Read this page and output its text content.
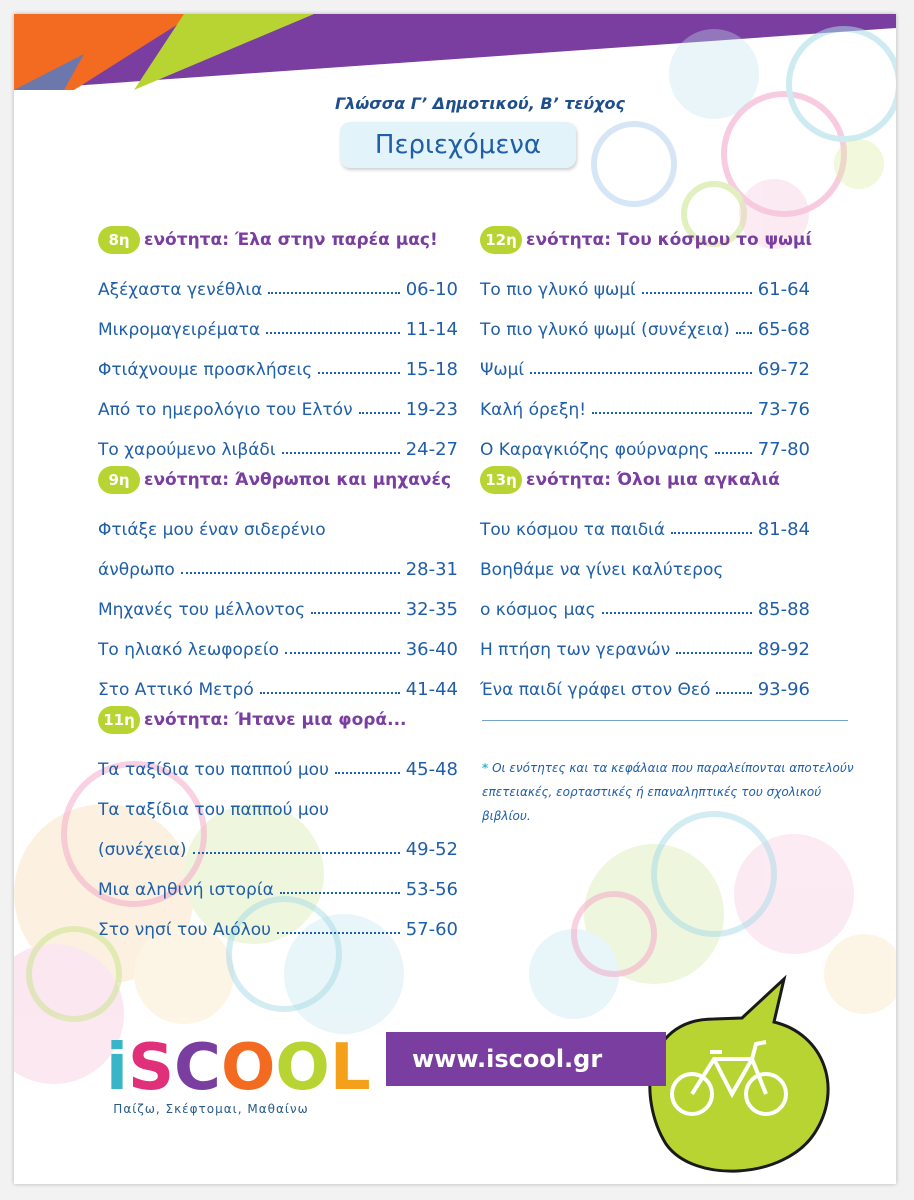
iSCOOL
Γλώσσα Γ’ Δημοτικού, Β’ τεύχος
Περιεχόμενα
8η ενότητα: Έλα στην παρέα μας!
Αξέχαστα γενέθλια	06-10
Μικρομαγειρέματα	11-14
Φτιάχνουμε προσκλήσεις	15-18
Από το ημερολόγιο του Ελτόν	19-23
Το χαρούμενο λιβάδι	24-27
9η ενότητα: Άνθρωποι και μηχανές
Φτιάξε μου έναν σιδερένιο
άνθρωπο	28-31
Μηχανές του μέλλοντος	32-35
Το ηλιακό λεωφορείο	36-40
Στο Αττικό Μετρό	41-44
11η ενότητα: Ήτανε μια φορά...
Τα ταξίδια του παππού μου	45-48
Τα ταξίδια του παππού μου
(συνέχεια)	49-52
Μια αληθινή ιστορία	53-56
Στο νησί του Αιόλου	57-60
12η ενότητα: Του κόσμου το ψωμί
Το πιο γλυκό ψωμί	61-64
Το πιο γλυκό ψωμί (συνέχεια) 65-68
Ψωμί	69-72
Καλή όρεξη!	73-76
Ο Καραγκιόζης φούρναρης	77-80
13η ενότητα: Όλοι μια αγκαλιά
Του κόσμου τα παιδιά	81-84
Βοηθάμε να γίνει καλύτερος
ο κόσμος μας	85-88
Η πτήση των γερανών	89-92
Ένα παιδί γράφει στον Θεό	93-96
* Οι ενότητες και τα κεφάλαια που παραλείπονται αποτελούν επετειακές, εορταστικές ή επαναληπτικές του σχολικού βιβλίου.
Παίζω, Σκέφτομαι, Μαθαίνω
www.iscool.gr
